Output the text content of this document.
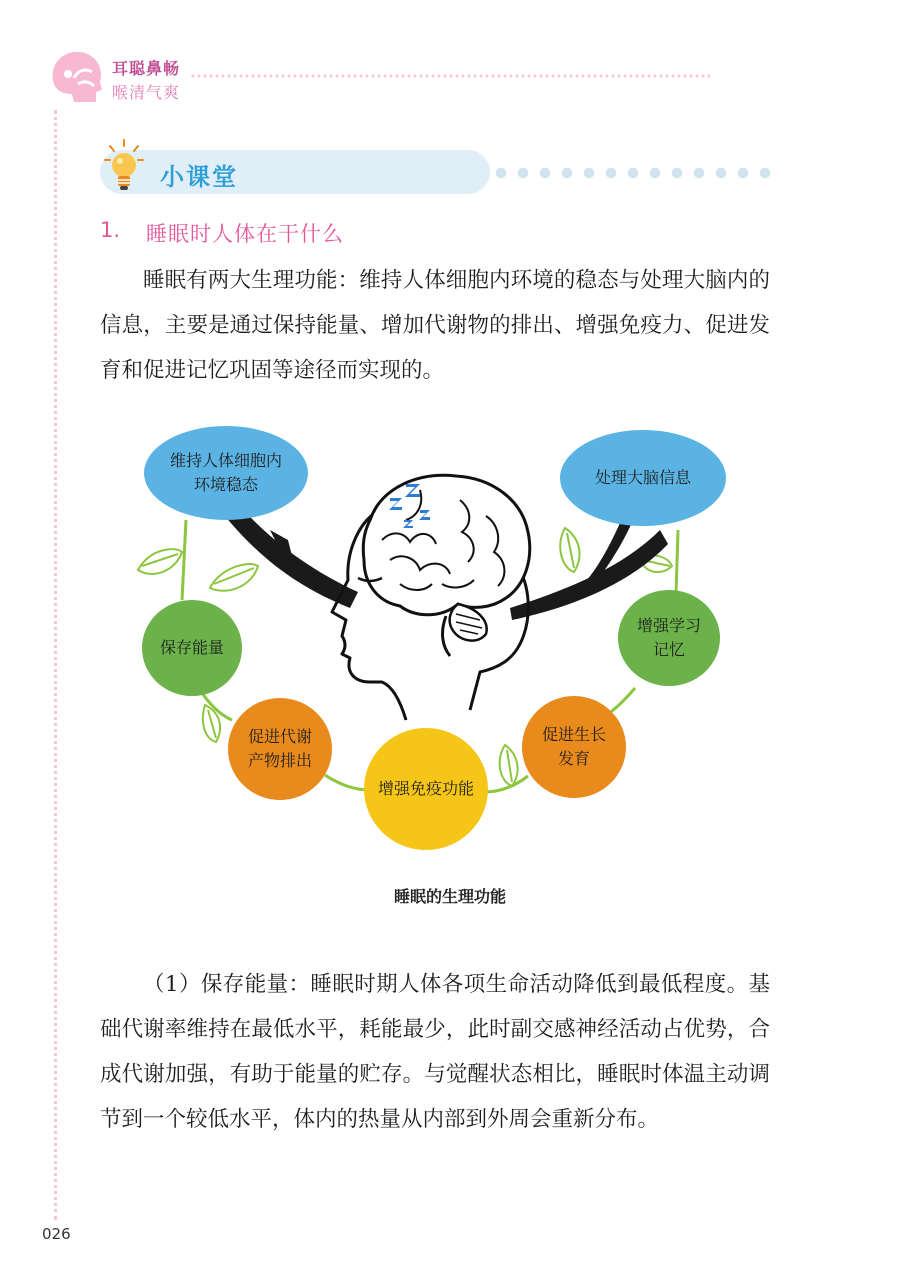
耳聪鼻畅
喉清气爽
小课堂
1. 睡眠时人体在干什么

睡眠有两大生理功能：维持人体细胞内环境的稳态与处理大脑内的信息，主要是通过保持能量、增加代谢物的排出、增强免疫力、促进发育和促进记忆巩固等途径而实现的。

维持人体细胞内环境稳态	处理大脑信息
保存能量
增强学习记忆
促进代谢产物排出
增强免疫功能
促进生长发育
睡眠的生理功能

（1）保存能量：睡眠时期人体各项生命活动降低到最低程度。基础代谢率维持在最低水平，耗能最少，此时副交感神经活动占优势，合成代谢加强，有助于能量的贮存。与觉醒状态相比，睡眠时体温主动调节到一个较低水平，体内的热量从内部到外周会重新分布。

026
